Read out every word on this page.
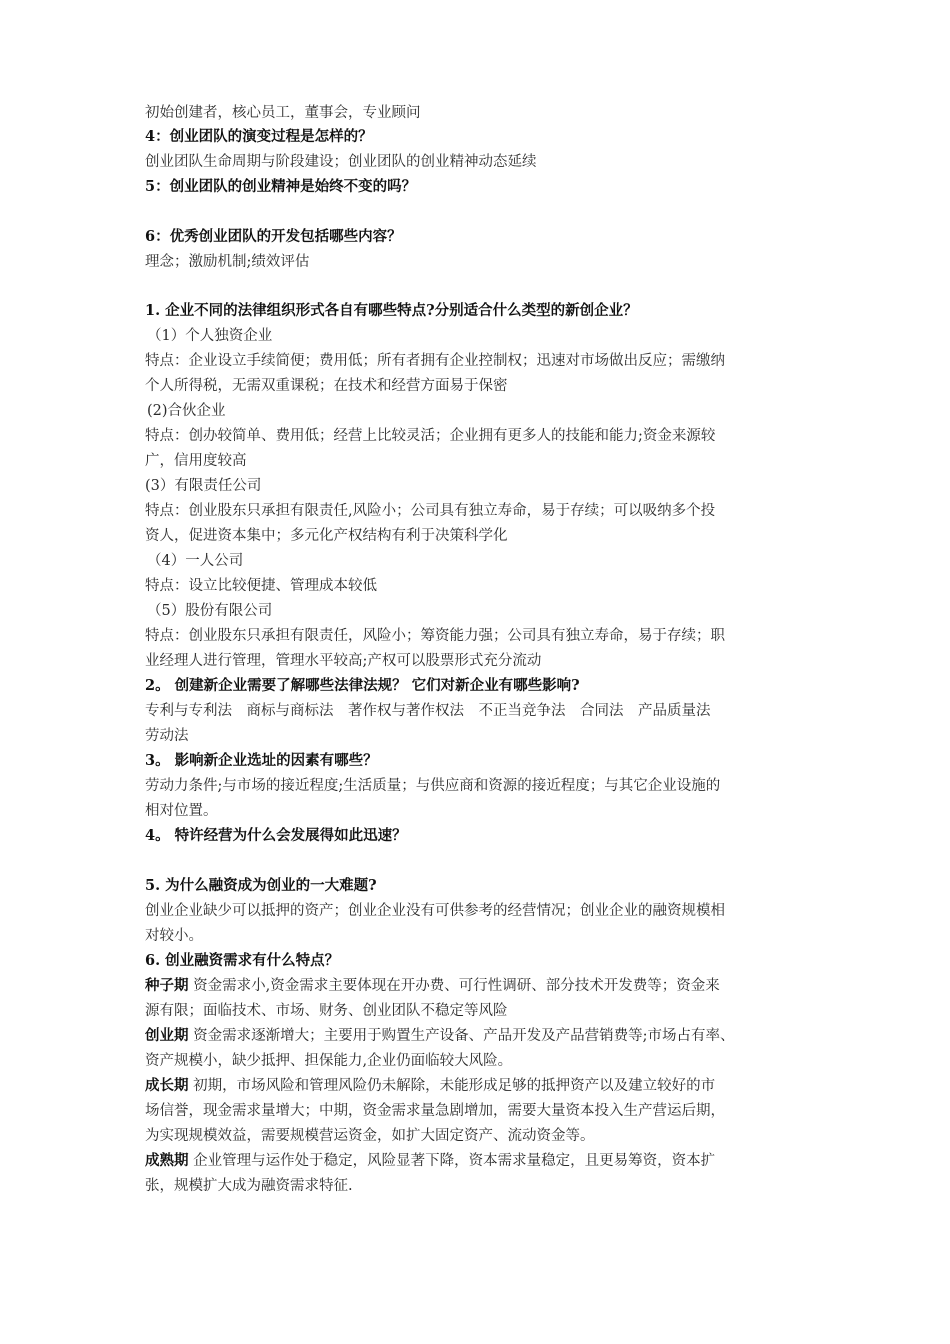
初始创建者，核心员工，董事会，专业顾问
4：创业团队的演变过程是怎样的？
创业团队生命周期与阶段建设；创业团队的创业精神动态延续
5：创业团队的创业精神是始终不变的吗？
6：优秀创业团队的开发包括哪些内容？
理念；激励机制;绩效评估
1. 企业不同的法律组织形式各自有哪些特点?分别适合什么类型的新创企业？
（1）个人独资企业
特点：企业设立手续简便；费用低；所有者拥有企业控制权；迅速对市场做出反应；需缴纳
个人所得税，无需双重课税；在技术和经营方面易于保密
(2)合伙企业
特点：创办较简单、费用低；经营上比较灵活；企业拥有更多人的技能和能力;资金来源较
广，信用度较高
(3）有限责任公司
特点：创业股东只承担有限责任,风险小；公司具有独立寿命，易于存续；可以吸纳多个投
资人，促进资本集中；多元化产权结构有利于决策科学化
（4）一人公司
特点：设立比较便捷、管理成本较低
（5）股份有限公司
特点：创业股东只承担有限责任，风险小；筹资能力强；公司具有独立寿命，易于存续；职
业经理人进行管理，管理水平较高;产权可以股票形式充分流动
2。 创建新企业需要了解哪些法律法规？ 它们对新企业有哪些影响?
专利与专利法　商标与商标法　著作权与著作权法　不正当竞争法　合同法　产品质量法
劳动法
3。 影响新企业选址的因素有哪些？
劳动力条件;与市场的接近程度;生活质量；与供应商和资源的接近程度；与其它企业设施的
相对位置。
4。 特许经营为什么会发展得如此迅速？
5. 为什么融资成为创业的一大难题?
创业企业缺少可以抵押的资产；创业企业没有可供参考的经营情况；创业企业的融资规模相
对较小。
6. 创业融资需求有什么特点？
种子期 资金需求小,资金需求主要体现在开办费、可行性调研、部分技术开发费等；资金来
源有限；面临技术、市场、财务、创业团队不稳定等风险
创业期 资金需求逐渐增大；主要用于购置生产设备、产品开发及产品营销费等;市场占有率、
资产规模小，缺少抵押、担保能力,企业仍面临较大风险。
成长期 初期，市场风险和管理风险仍未解除，未能形成足够的抵押资产以及建立较好的市
场信誉，现金需求量增大；中期，资金需求量急剧增加，需要大量资本投入生产营运后期，
为实现规模效益，需要规模营运资金，如扩大固定资产、流动资金等。
成熟期 企业管理与运作处于稳定，风险显著下降，资本需求量稳定，且更易筹资，资本扩
张，规模扩大成为融资需求特征.
